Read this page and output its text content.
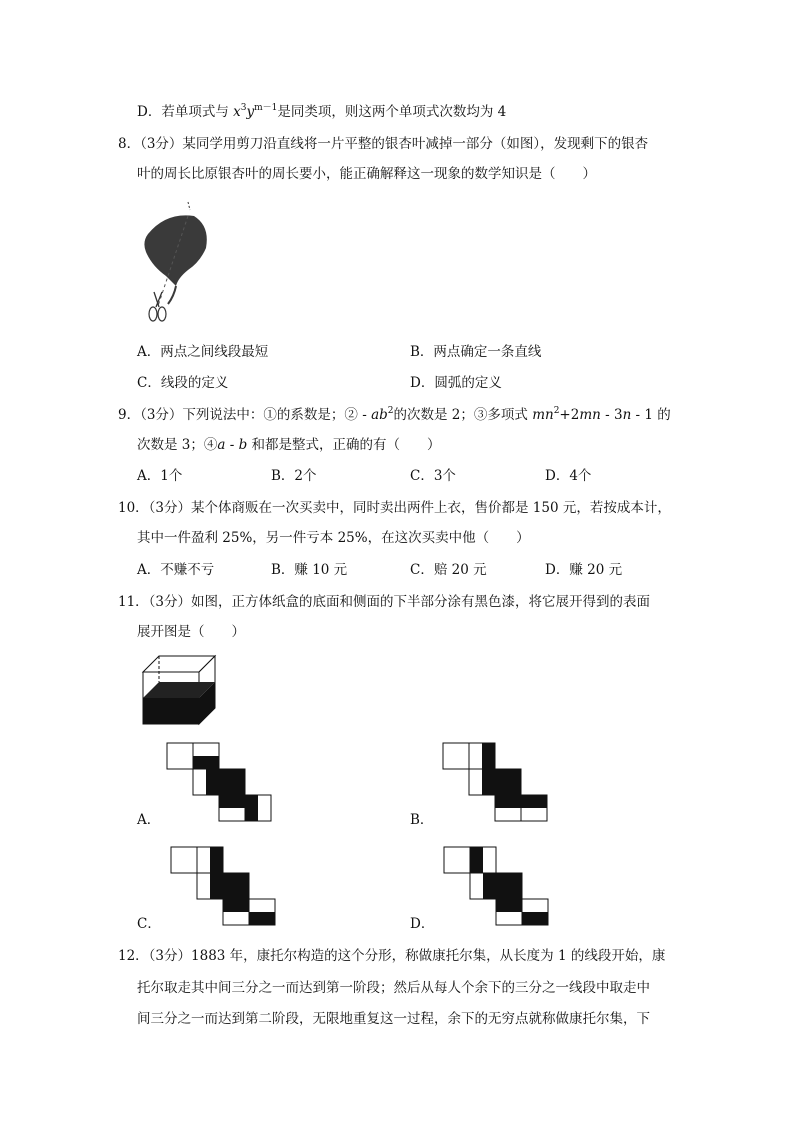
D．若单项式与 $x^3y^{m-1}$是同类项，则这两个单项式次数均为 4
8．（3分）某同学用剪刀沿直线将一片平整的银杏叶减掉一部分（如图），发现剩下的银杏
叶的周长比原银杏叶的周长要小，能正确解释这一现象的数学知识是（　　）
A．两点之间线段最短	B．两点确定一条直线
C．线段的定义	D．圆弧的定义
9．（3分）下列说法中：①的系数是；② - $ab^2$的次数是 2；③多项式 $mn^2+2mn - 3n - 1$ 的
次数是 3；④a - b 和都是整式，正确的有（　　）
A．1个	B．2个	C．3个	D．4个
10．（3分）某个体商贩在一次买卖中，同时卖出两件上衣，售价都是 150 元，若按成本计，
其中一件盈利 25%，另一件亏本 25%，在这次买卖中他（　　）
A．不赚不亏	B．赚 10 元	C．赔 20 元	D．赚 20 元
11．（3分）如图，正方体纸盒的底面和侧面的下半部分涂有黑色漆，将它展开得到的表面
展开图是（　　）
A．	B．
C．	D．
12．（3分）1883 年，康托尔构造的这个分形，称做康托尔集，从长度为 1 的线段开始，康
托尔取走其中间三分之一而达到第一阶段；然后从每人个余下的三分之一线段中取走中
间三分之一而达到第二阶段，无限地重复这一过程，余下的无穷点就称做康托尔集，下
